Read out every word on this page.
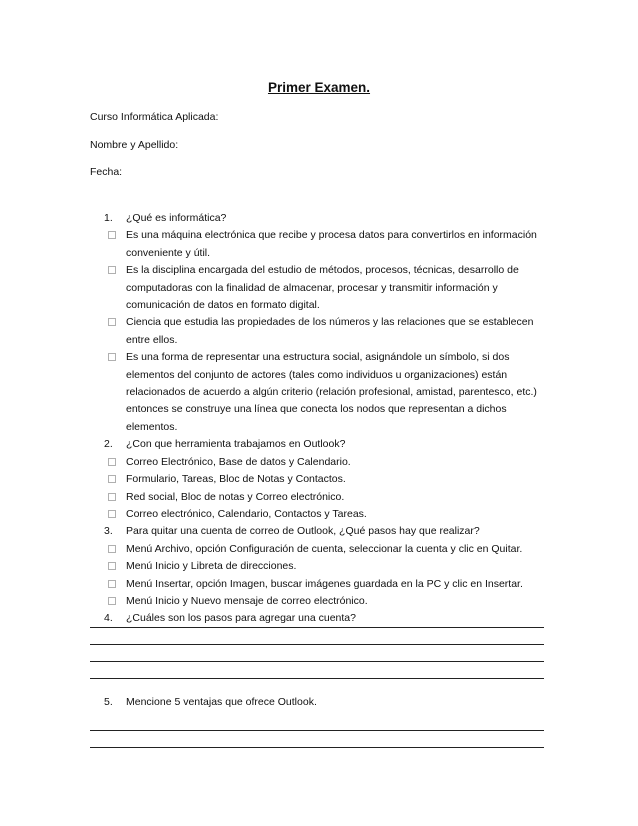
Primer Examen.
Curso Informática Aplicada:
Nombre y Apellido:
Fecha:
1. ¿Qué es informática?
Es una máquina electrónica que recibe y procesa datos para convertirlos en información conveniente y útil.
Es la disciplina encargada del estudio de métodos, procesos, técnicas, desarrollo de computadoras con la finalidad de almacenar, procesar y transmitir información y comunicación de datos en formato digital.
Ciencia que estudia las propiedades de los números y las relaciones que se establecen entre ellos.
Es una forma de representar una estructura social, asignándole un símbolo, si dos elementos del conjunto de actores (tales como individuos u organizaciones) están relacionados de acuerdo a algún criterio (relación profesional, amistad, parentesco, etc.) entonces se construye una línea que conecta los nodos que representan a dichos elementos.
2. ¿Con que herramienta trabajamos en Outlook?
Correo Electrónico, Base de datos y Calendario.
Formulario, Tareas, Bloc de Notas y Contactos.
Red social, Bloc de notas y Correo electrónico.
Correo electrónico, Calendario, Contactos y Tareas.
3. Para quitar una cuenta de correo de Outlook, ¿Qué pasos hay que realizar?
Menú Archivo, opción Configuración de cuenta, seleccionar la cuenta y clic en Quitar.
Menú Inicio y Libreta de direcciones.
Menú Insertar, opción Imagen, buscar imágenes guardada en la PC y clic en Insertar.
Menú Inicio y Nuevo mensaje de correo electrónico.
4. ¿Cuáles son los pasos para agregar una cuenta?
5. Mencione 5 ventajas que ofrece Outlook.
